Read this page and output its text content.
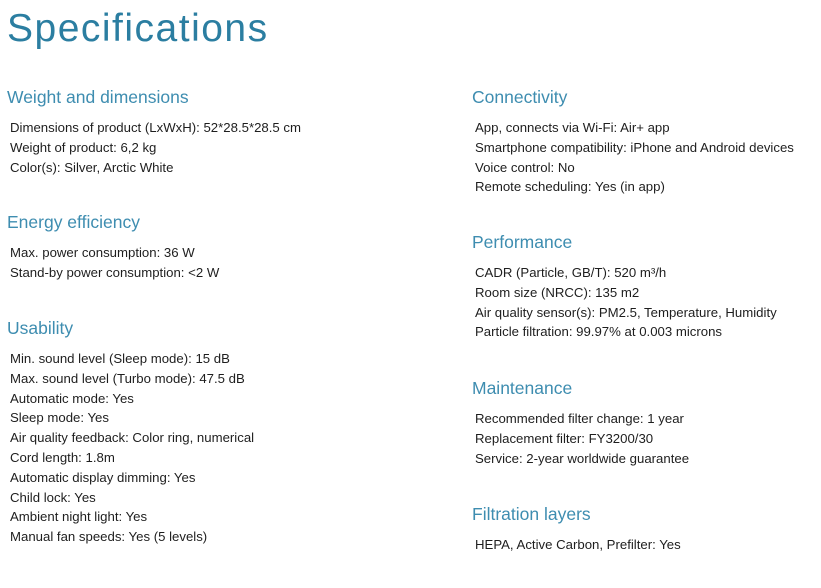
Specifications
Weight and dimensions
Dimensions of product (LxWxH): 52*28.5*28.5 cm
Weight of product: 6,2 kg
Color(s): Silver, Arctic White
Energy efficiency
Max. power consumption: 36 W
Stand-by power consumption: <2 W
Usability
Min. sound level (Sleep mode): 15 dB
Max. sound level (Turbo mode): 47.5 dB
Automatic mode: Yes
Sleep mode: Yes
Air quality feedback: Color ring, numerical
Cord length: 1.8m
Automatic display dimming: Yes
Child lock: Yes
Ambient night light: Yes
Manual fan speeds: Yes (5 levels)
Connectivity
App, connects via Wi-Fi: Air+ app
Smartphone compatibility: iPhone and Android devices
Voice control: No
Remote scheduling: Yes (in app)
Performance
CADR (Particle, GB/T): 520 m³/h
Room size (NRCC): 135 m2
Air quality sensor(s): PM2.5, Temperature, Humidity
Particle filtration: 99.97% at 0.003 microns
Maintenance
Recommended filter change: 1 year
Replacement filter: FY3200/30
Service: 2-year worldwide guarantee
Filtration layers
HEPA, Active Carbon, Prefilter: Yes
